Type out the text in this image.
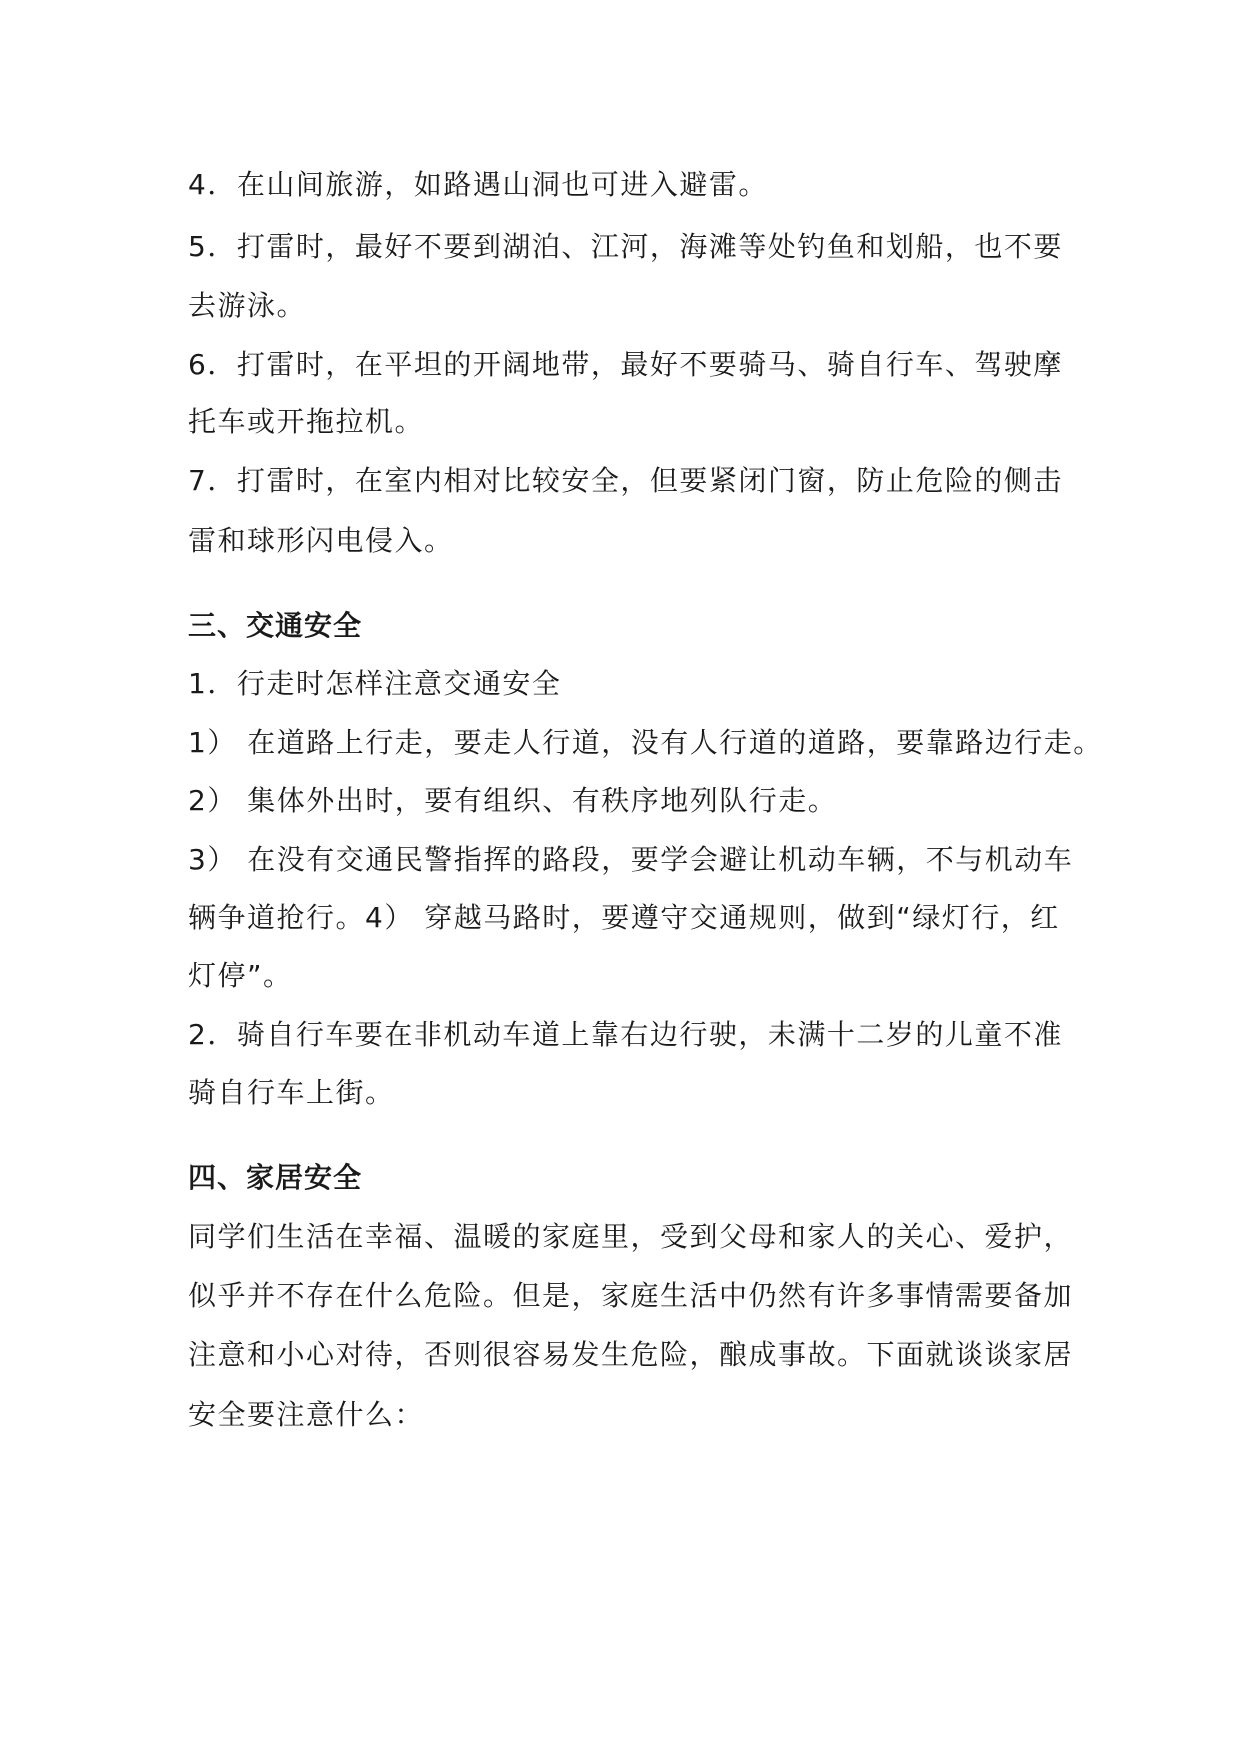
4．在山间旅游，如路遇山洞也可进入避雷。
5．打雷时，最好不要到湖泊、江河，海滩等处钓鱼和划船，也不要
去游泳。
6．打雷时，在平坦的开阔地带，最好不要骑马、骑自行车、驾驶摩
托车或开拖拉机。
7．打雷时，在室内相对比较安全，但要紧闭门窗，防止危险的侧击
雷和球形闪电侵入。
三、交通安全
1．行走时怎样注意交通安全
1） 在道路上行走，要走人行道，没有人行道的道路，要靠路边行走。
2） 集体外出时，要有组织、有秩序地列队行走。
3） 在没有交通民警指挥的路段，要学会避让机动车辆，不与机动车
辆争道抢行。4） 穿越马路时，要遵守交通规则，做到“绿灯行，红
灯停”。
2．骑自行车要在非机动车道上靠右边行驶，未满十二岁的儿童不准
骑自行车上街。
四、家居安全
同学们生活在幸福、温暖的家庭里，受到父母和家人的关心、爱护，
似乎并不存在什么危险。但是，家庭生活中仍然有许多事情需要备加
注意和小心对待，否则很容易发生危险，酿成事故。下面就谈谈家居
安全要注意什么：
